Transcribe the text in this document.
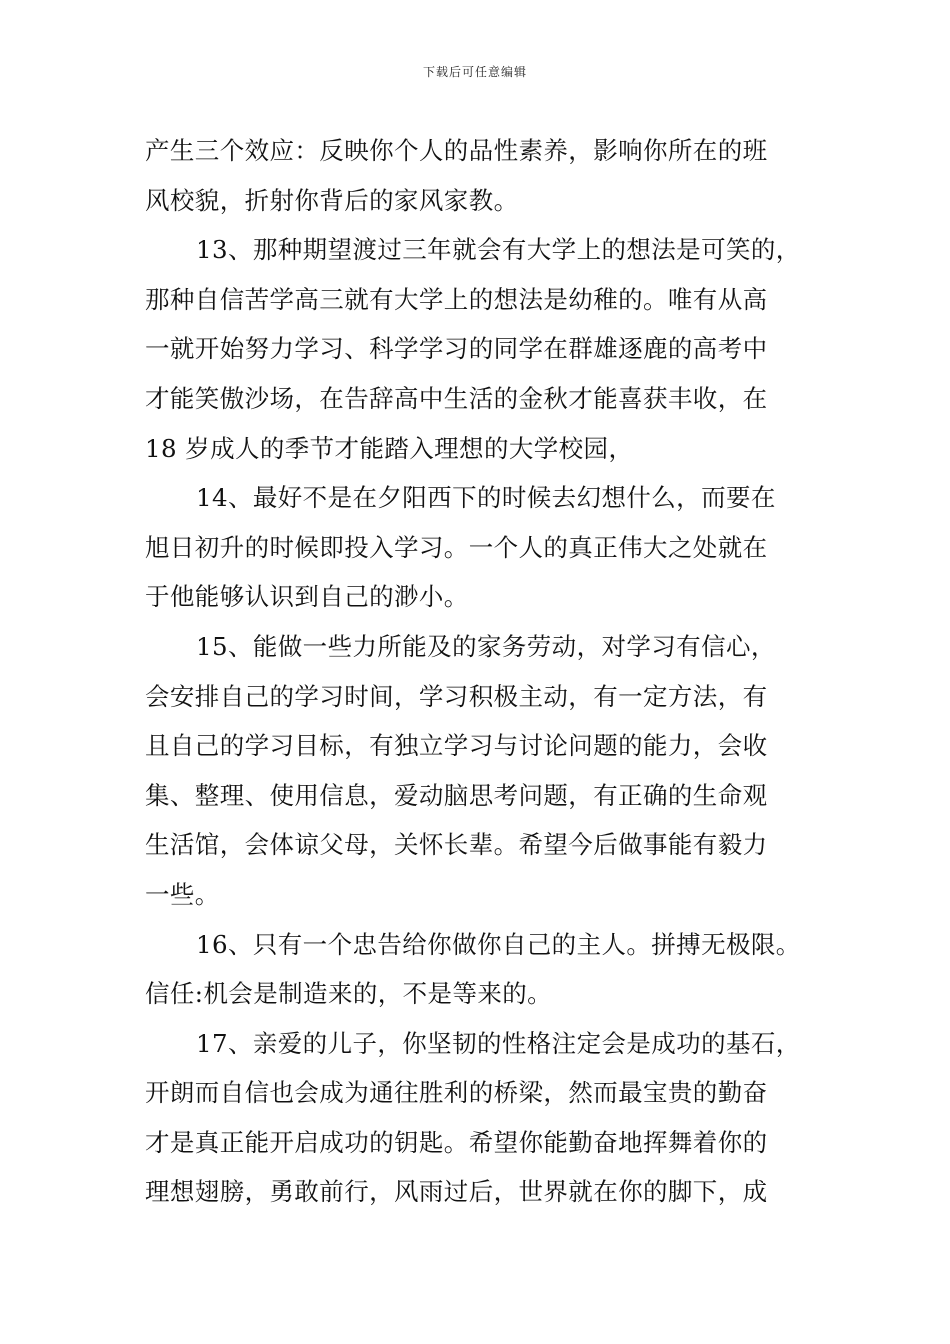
下载后可任意编辑
产生三个效应：反映你个人的品性素养，影响你所在的班
风校貌，折射你背后的家风家教。
13、那种期望渡过三年就会有大学上的想法是可笑的，
那种自信苦学高三就有大学上的想法是幼稚的。唯有从高
一就开始努力学习、科学学习的同学在群雄逐鹿的高考中
才能笑傲沙场，在告辞高中生活的金秋才能喜获丰收，在
18 岁成人的季节才能踏入理想的大学校园，
14、最好不是在夕阳西下的时候去幻想什么，而要在
旭日初升的时候即投入学习。一个人的真正伟大之处就在
于他能够认识到自己的渺小。
15、能做一些力所能及的家务劳动，对学习有信心，
会安排自己的学习时间，学习积极主动，有一定方法，有
且自己的学习目标，有独立学习与讨论问题的能力，会收
集、整理、使用信息，爱动脑思考问题，有正确的生命观
生活馆，会体谅父母，关怀长辈。希望今后做事能有毅力
一些。
16、只有一个忠告给你做你自己的主人。拼搏无极限。
信任:机会是制造来的，不是等来的。
17、亲爱的儿子，你坚韧的性格注定会是成功的基石，
开朗而自信也会成为通往胜利的桥梁，然而最宝贵的勤奋
才是真正能开启成功的钥匙。希望你能勤奋地挥舞着你的
理想翅膀，勇敢前行，风雨过后，世界就在你的脚下，成
